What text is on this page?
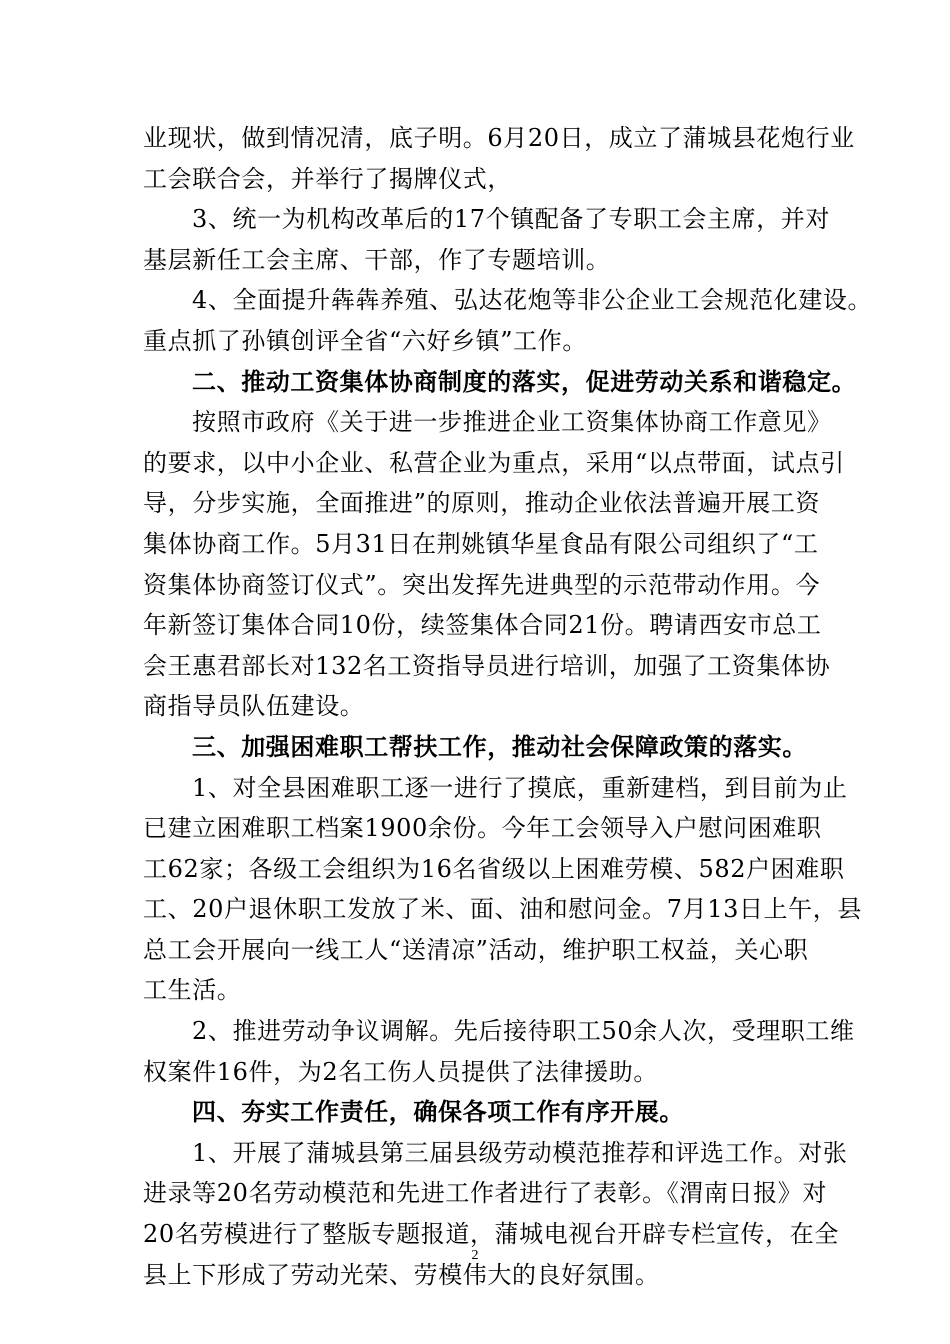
业现状，做到情况清，底子明。6月20日，成立了蒲城县花炮行业
工会联合会，并举行了揭牌仪式，
3、统一为机构改革后的17个镇配备了专职工会主席，并对
基层新任工会主席、干部，作了专题培训。
4、全面提升犇犇养殖、弘达花炮等非公企业工会规范化建设。
重点抓了孙镇创评全省“六好乡镇”工作。
二、推动工资集体协商制度的落实，促进劳动关系和谐稳定。
按照市政府《关于进一步推进企业工资集体协商工作意见》
的要求，以中小企业、私营企业为重点，采用“以点带面，试点引
导，分步实施，全面推进”的原则，推动企业依法普遍开展工资
集体协商工作。5月31日在荆姚镇华星食品有限公司组织了“工
资集体协商签订仪式”。突出发挥先进典型的示范带动作用。今
年新签订集体合同10份，续签集体合同21份。聘请西安市总工
会王惠君部长对132名工资指导员进行培训，加强了工资集体协
商指导员队伍建设。
三、加强困难职工帮扶工作，推动社会保障政策的落实。
1、对全县困难职工逐一进行了摸底，重新建档，到目前为止
已建立困难职工档案1900余份。今年工会领导入户慰问困难职
工62家；各级工会组织为16名省级以上困难劳模、582户困难职
工、20户退休职工发放了米、面、油和慰问金。7月13日上午，县
总工会开展向一线工人“送清凉”活动，维护职工权益，关心职
工生活。
2、推进劳动争议调解。先后接待职工50余人次，受理职工维
权案件16件，为2名工伤人员提供了法律援助。
四、夯实工作责任，确保各项工作有序开展。
1、开展了蒲城县第三届县级劳动模范推荐和评选工作。对张
进录等20名劳动模范和先进工作者进行了表彰。《渭南日报》对
20名劳模进行了整版专题报道，蒲城电视台开辟专栏宣传，在全
县上下形成了劳动光荣、劳模伟大的良好氛围。
2
